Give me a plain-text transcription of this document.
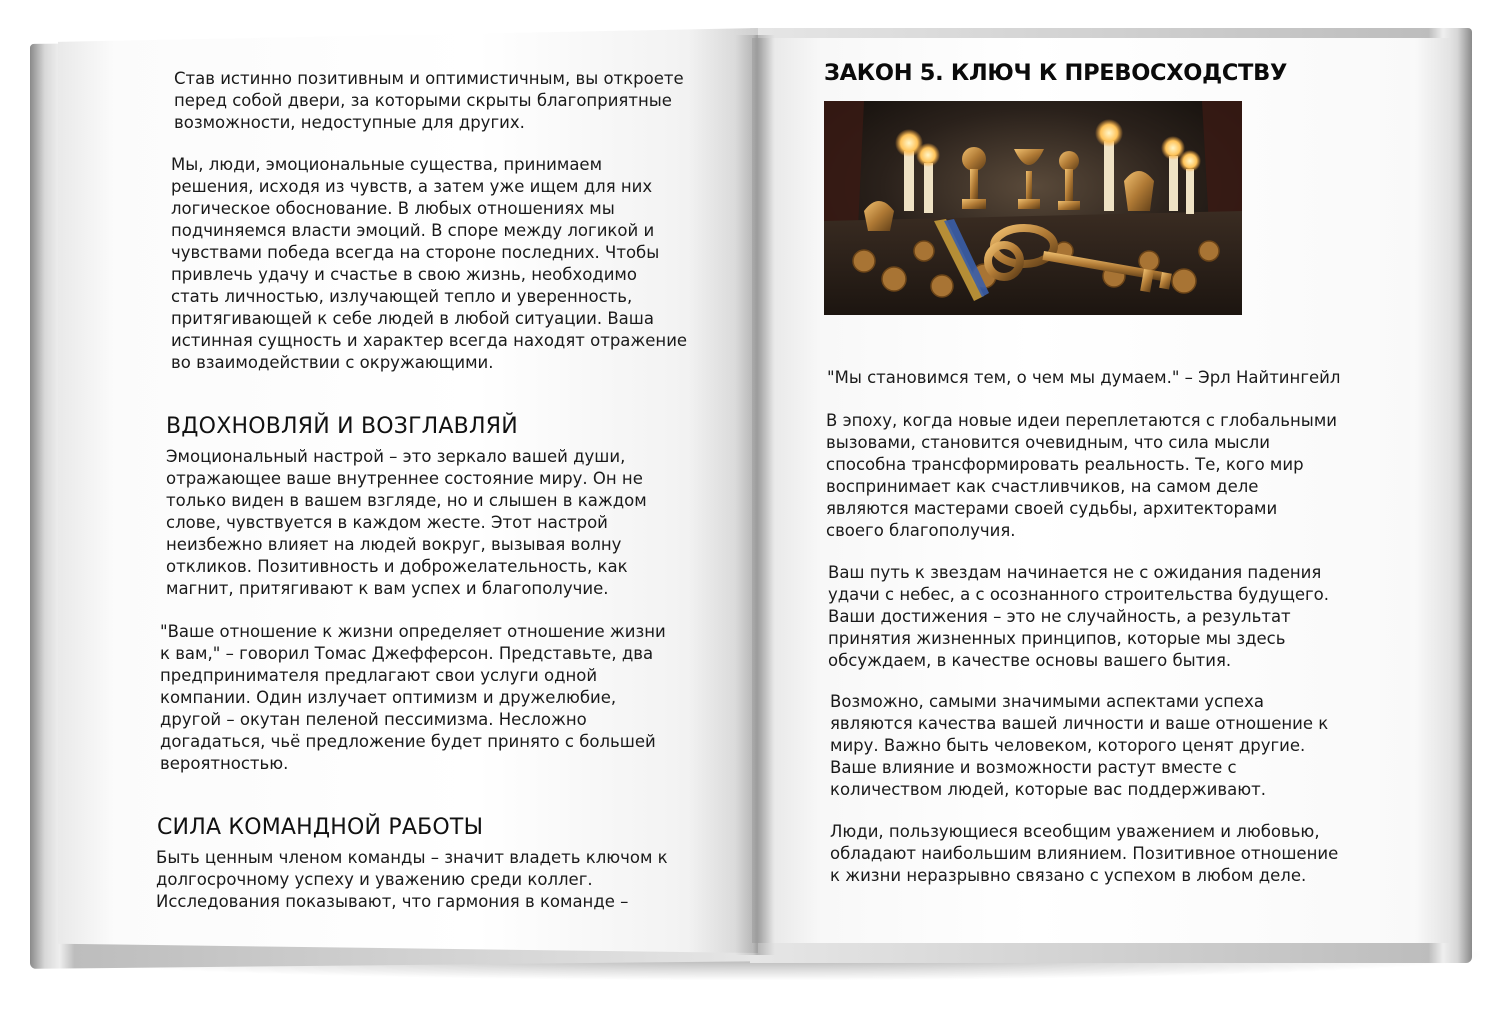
Став истинно позитивным и оптимистичным, вы откроете
перед собой двери, за которыми скрыты благоприятные
возможности, недоступные для других.
Мы, люди, эмоциональные существа, принимаем
решения, исходя из чувств, а затем уже ищем для них
логическое обоснование. В любых отношениях мы
подчиняемся власти эмоций. В споре между логикой и
чувствами победа всегда на стороне последних. Чтобы
привлечь удачу и счастье в свою жизнь, необходимо
стать личностью, излучающей тепло и уверенность,
притягивающей к себе людей в любой ситуации. Ваша
истинная сущность и характер всегда находят отражение
во взаимодействии с окружающими.
ВДОХНОВЛЯЙ И ВОЗГЛАВЛЯЙ
Эмоциональный настрой – это зеркало вашей души,
отражающее ваше внутреннее состояние миру. Он не
только виден в вашем взгляде, но и слышен в каждом
слове, чувствуется в каждом жесте. Этот настрой
неизбежно влияет на людей вокруг, вызывая волну
откликов. Позитивность и доброжелательность, как
магнит, притягивают к вам успех и благополучие.
"Ваше отношение к жизни определяет отношение жизни
к вам," – говорил Томас Джефферсон. Представьте, два
предпринимателя предлагают свои услуги одной
компании. Один излучает оптимизм и дружелюбие,
другой – окутан пеленой пессимизма. Несложно
догадаться, чьё предложение будет принято с большей
вероятностью.
СИЛА КОМАНДНОЙ РАБОТЫ
Быть ценным членом команды – значит владеть ключом к
долгосрочному успеху и уважению среди коллег.
Исследования показывают, что гармония в команде –
ЗАКОН 5. КЛЮЧ К ПРЕВОСХОДСТВУ
"Мы становимся тем, о чем мы думаем." – Эрл Найтингейл
В эпоху, когда новые идеи переплетаются с глобальными
вызовами, становится очевидным, что сила мысли
способна трансформировать реальность. Те, кого мир
воспринимает как счастливчиков, на самом деле
являются мастерами своей судьбы, архитекторами
своего благополучия.
Ваш путь к звездам начинается не с ожидания падения
удачи с небес, а с осознанного строительства будущего.
Ваши достижения – это не случайность, а результат
принятия жизненных принципов, которые мы здесь
обсуждаем, в качестве основы вашего бытия.
Возможно, самыми значимыми аспектами успеха
являются качества вашей личности и ваше отношение к
миру. Важно быть человеком, которого ценят другие.
Ваше влияние и возможности растут вместе с
количеством людей, которые вас поддерживают.
Люди, пользующиеся всеобщим уважением и любовью,
обладают наибольшим влиянием. Позитивное отношение
к жизни неразрывно связано с успехом в любом деле.
